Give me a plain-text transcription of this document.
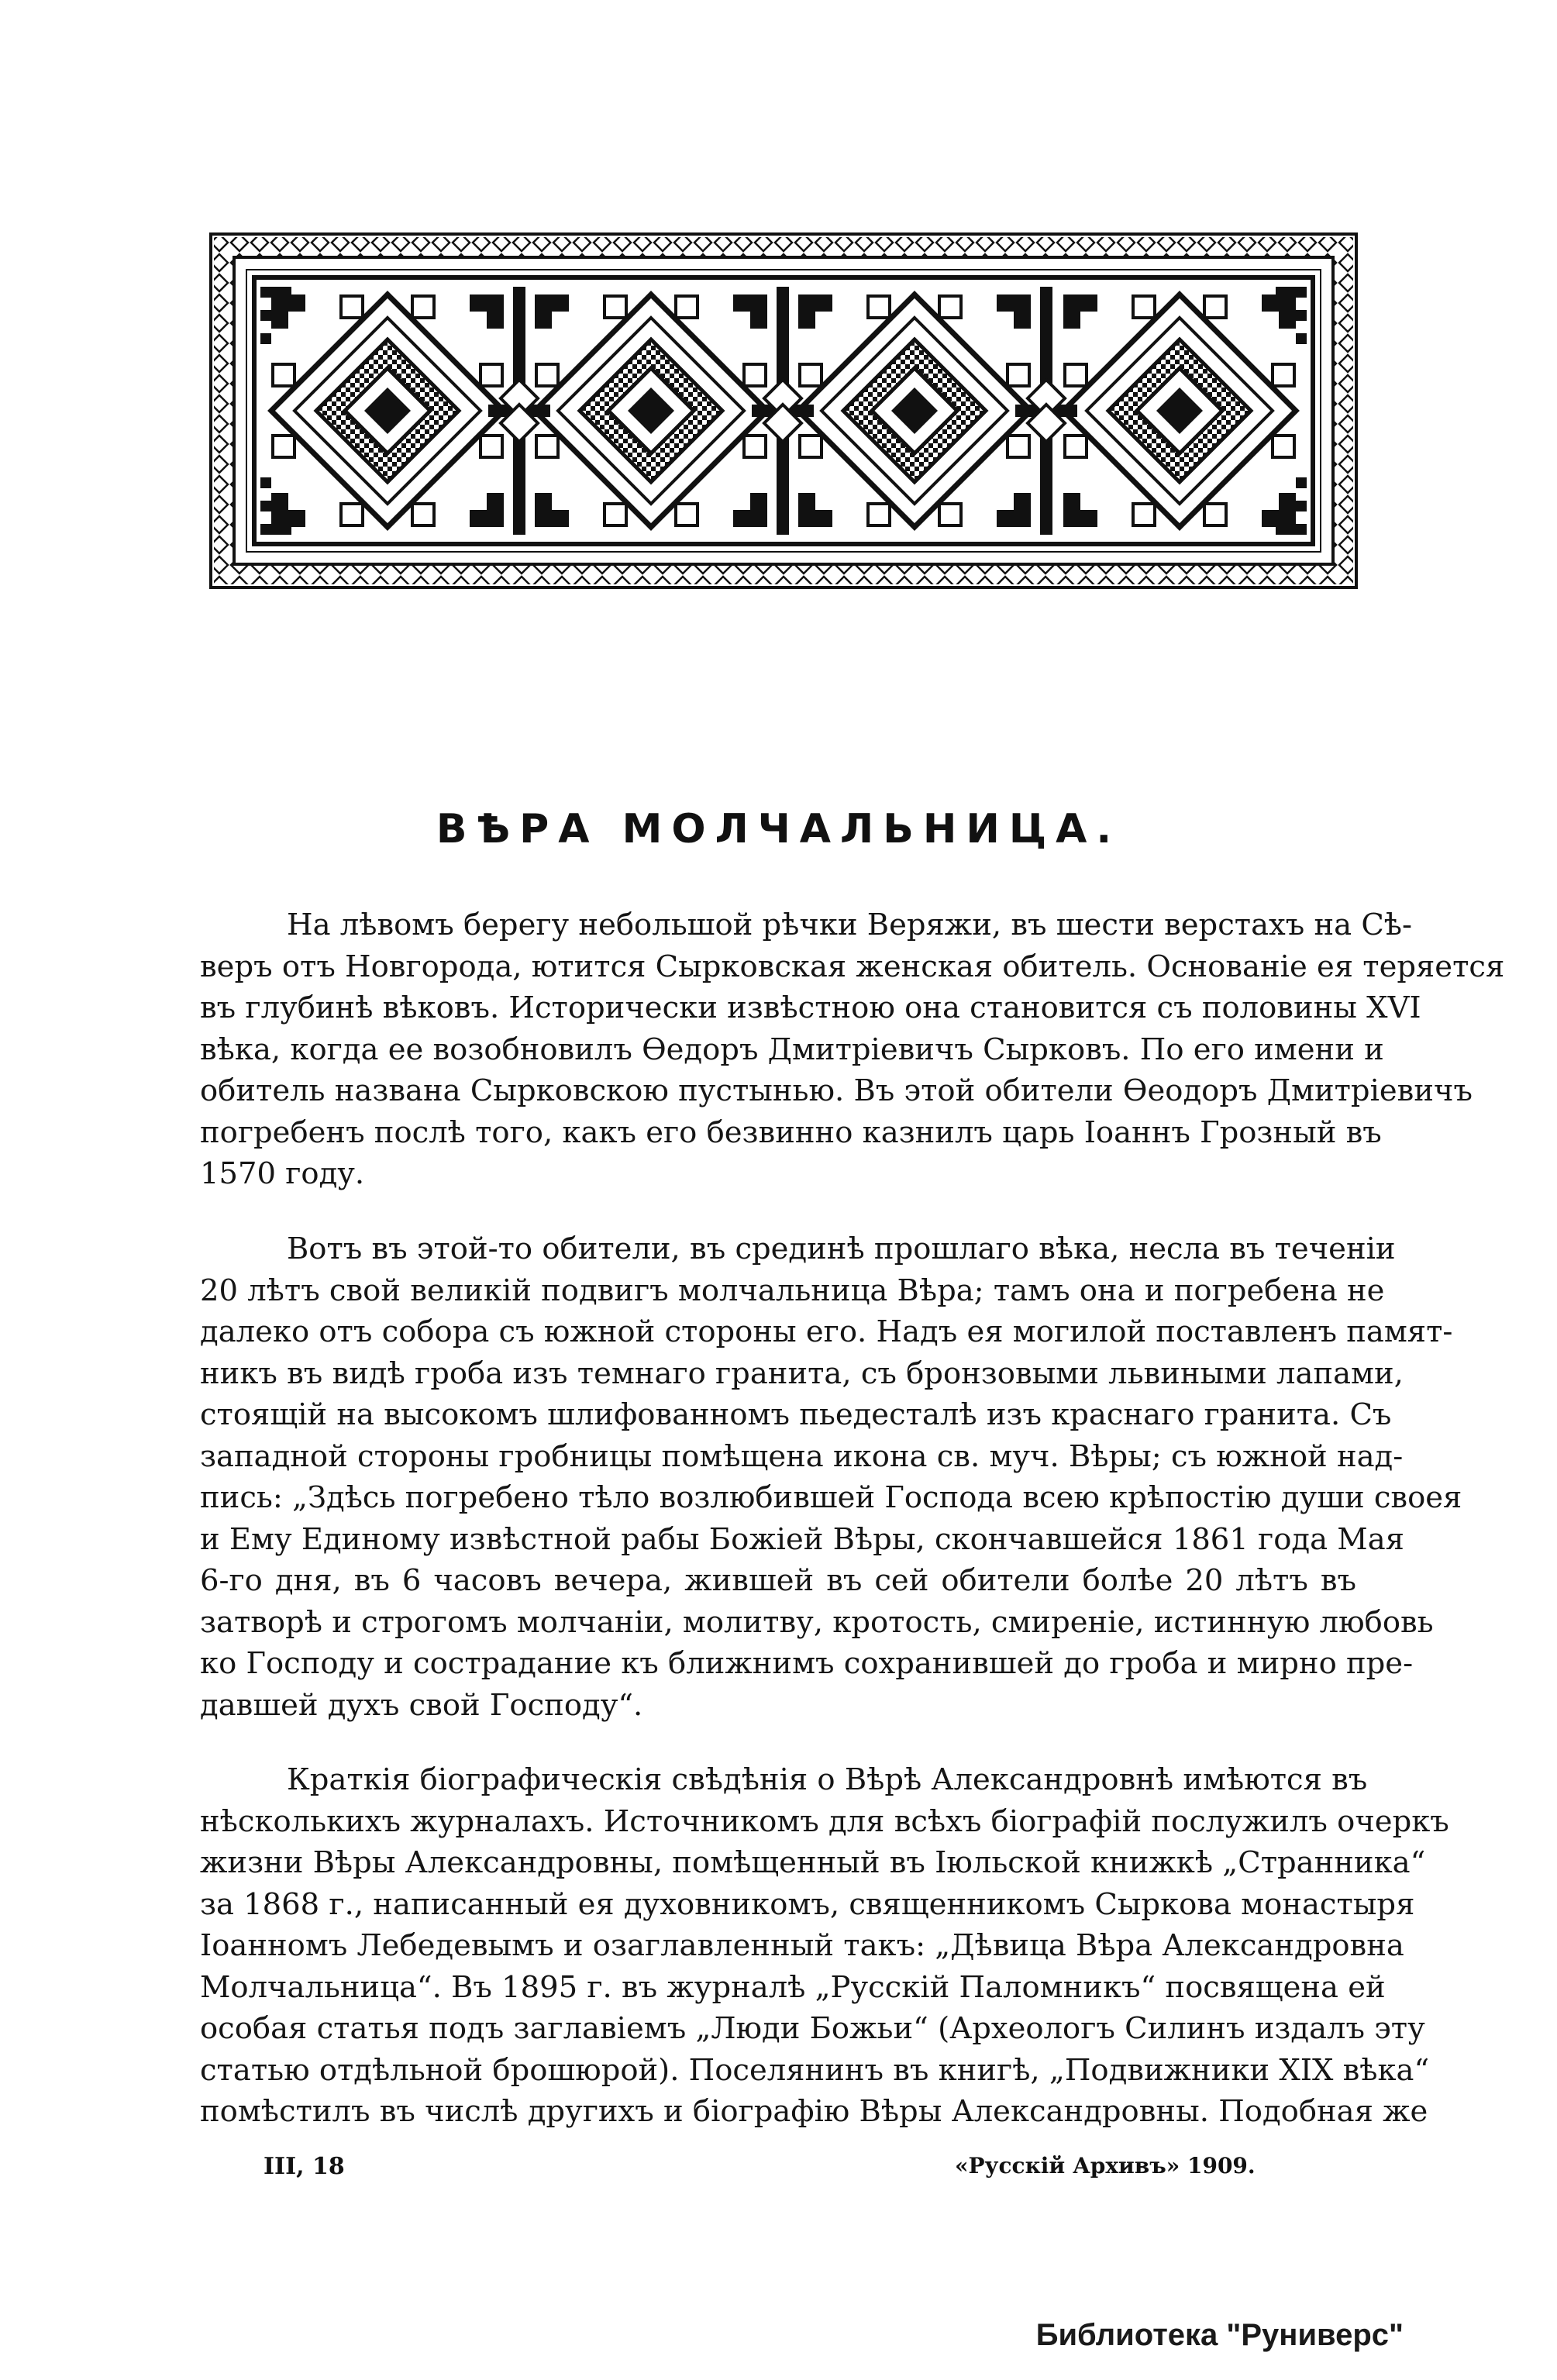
ВѢРА МОЛЧАЛЬНИЦА.
На лѣвомъ берегу небольшой рѣчки Веряжи, въ шести верстахъ на Сѣ-
веръ отъ Новгорода, ютится Сырковская женская обитель. Основаніе ея теряется
въ глубинѣ вѣковъ. Исторически извѣстною она становится съ половины XVI
вѣка, когда ее возобновилъ Ѳедоръ Дмитріевичъ Сырковъ. По его имени и
обитель названа Сырковскою пустынью. Въ этой обители Ѳеодоръ Дмитріевичъ
погребенъ послѣ того, какъ его безвинно казнилъ царь Іоаннъ Грозный въ
1570 году.
Вотъ въ этой-то обители, въ срединѣ прошлаго вѣка, несла въ теченіи
20 лѣтъ свой великій подвигъ молчальница Вѣра; тамъ она и погребена не
далеко отъ собора съ южной стороны его. Надъ ея могилой поставленъ памят-
никъ въ видѣ гроба изъ темнаго гранита, съ бронзовыми львиными лапами,
стоящій на высокомъ шлифованномъ пьедесталѣ изъ краснаго гранита. Съ
западной стороны гробницы помѣщена икона св. муч. Вѣры; съ южной над-
пись: „Здѣсь погребено тѣло возлюбившей Господа всею крѣпостію души своея
и Ему Единому извѣстной рабы Божіей Вѣры, скончавшейся 1861 года Мая
6-го дня, въ 6 часовъ вечера, жившей въ сей обители болѣе 20 лѣтъ въ
затворѣ и строгомъ молчаніи, молитву, кротость, смиреніе, истинную любовь
ко Господу и сострадание къ ближнимъ сохранившей до гроба и мирно пре-
давшей духъ свой Господу“.
Краткія біографическія свѣдѣнія о Вѣрѣ Александровнѣ имѣются въ
нѣсколькихъ журналахъ. Источникомъ для всѣхъ біографій послужилъ очеркъ
жизни Вѣры Александровны, помѣщенный въ Іюльской книжкѣ „Странника“
за 1868 г., написанный ея духовникомъ, священникомъ Сыркова монастыря
Іоанномъ Лебедевымъ и озаглавленный такъ: „Дѣвица Вѣра Александровна
Молчальница“. Въ 1895 г. въ журналѣ „Русскій Паломникъ“ посвящена ей
особая статья подъ заглавіемъ „Люди Божьи“ (Археологъ Силинъ издалъ эту
статью отдѣльной брошюрой). Поселянинъ въ книгѣ, „Подвижники XIX вѣка“
помѣстилъ въ числѣ другихъ и біографію Вѣры Александровны. Подобная же
III, 18	«Русскій Архивъ» 1909.
Библиотека "Руниверс"
